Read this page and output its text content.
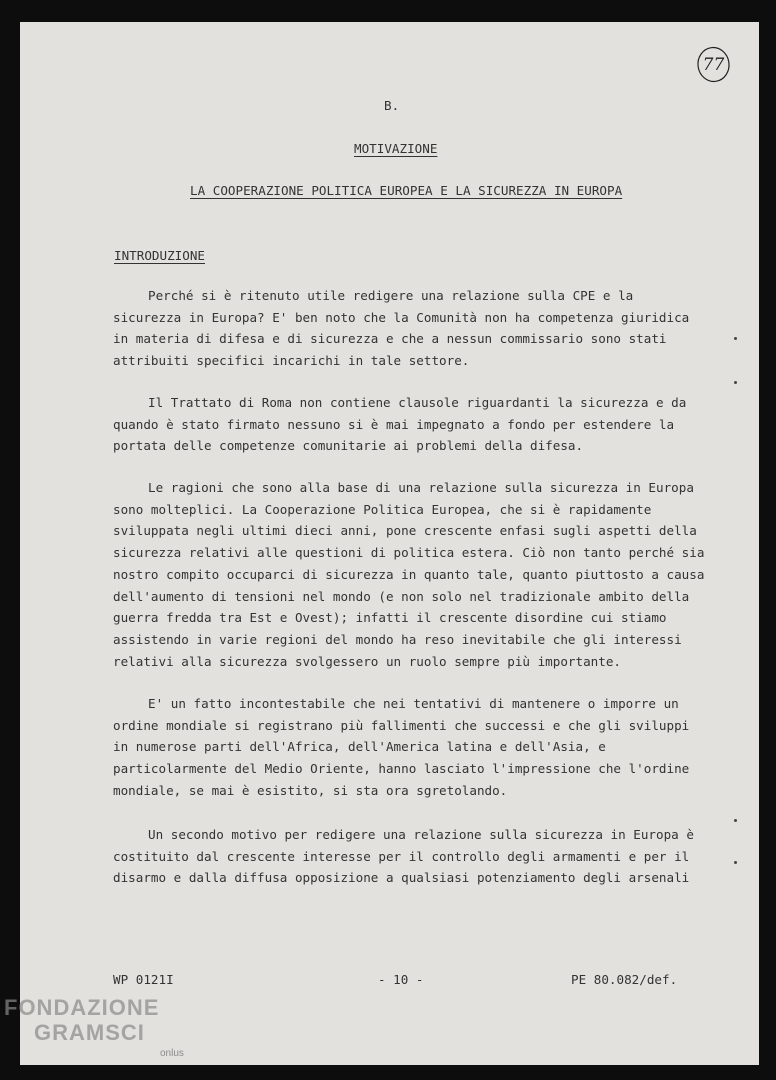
77
B.
MOTIVAZIONE
LA COOPERAZIONE POLITICA EUROPEA E LA SICUREZZA IN EUROPA
INTRODUZIONE
Perché si è ritenuto utile redigere una relazione sulla CPE e la
sicurezza in Europa? E' ben noto che la Comunità non ha competenza giuridica
in materia di difesa e di sicurezza e che a nessun commissario sono stati
attribuiti specifici incarichi in tale settore.
Il Trattato di Roma non contiene clausole riguardanti la sicurezza e da
quando è stato firmato nessuno si è mai impegnato a fondo per estendere la
portata delle competenze comunitarie ai problemi della difesa.
Le ragioni che sono alla base di una relazione sulla sicurezza in Europa
sono molteplici. La Cooperazione Politica Europea, che si è rapidamente
sviluppata negli ultimi dieci anni, pone crescente enfasi sugli aspetti della
sicurezza relativi alle questioni di politica estera. Ciò non tanto perché sia
nostro compito occuparci di sicurezza in quanto tale, quanto piuttosto a causa
dell'aumento di tensioni nel mondo (e non solo nel tradizionale ambito della
guerra fredda tra Est e Ovest); infatti il crescente disordine cui stiamo
assistendo in varie regioni del mondo ha reso inevitabile che gli interessi
relativi alla sicurezza svolgessero un ruolo sempre più importante.
E' un fatto incontestabile che nei tentativi di mantenere o imporre un
ordine mondiale si registrano più fallimenti che successi e che gli sviluppi
in numerose parti dell'Africa, dell'America latina e dell'Asia, e
particolarmente del Medio Oriente, hanno lasciato l'impressione che l'ordine
mondiale, se mai è esistito, si sta ora sgretolando.
Un secondo motivo per redigere una relazione sulla sicurezza in Europa è
costituito dal crescente interesse per il controllo degli armamenti e per il
disarmo e dalla diffusa opposizione a qualsiasi potenziamento degli arsenali
WP 0121I	- 10 -	PE 80.082/def.
FONDAZIONE
GRAMSCI
onlus
